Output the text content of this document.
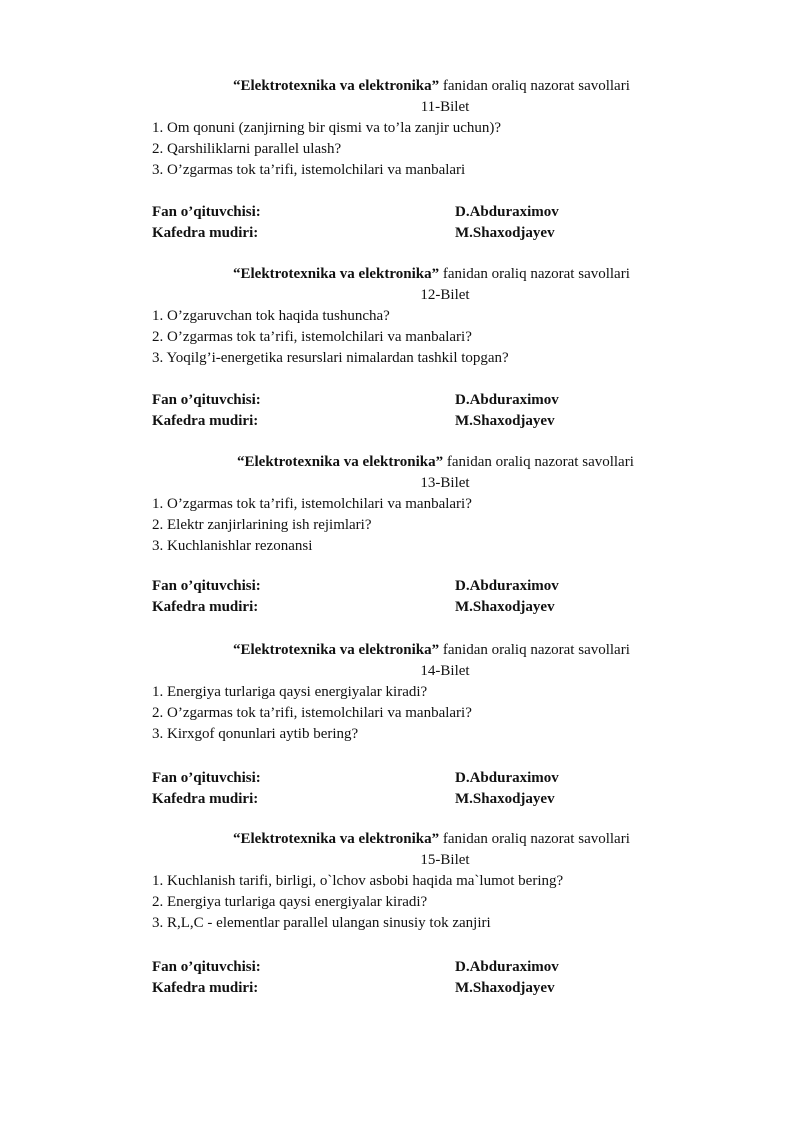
“Elektrotexnika va elektronika” fanidan oraliq nazorat savollari
11-Bilet
1. Om qonuni (zanjirning bir qismi va to’la zanjir uchun)?
2. Qarshiliklarni parallel ulash?
3. O’zgarmas tok ta’rifi, istemolchilari va manbalari
Fan o’qituvchisi:	D.Abduraximov
Kafedra mudiri:	M.Shaxodjayev
“Elektrotexnika va elektronika” fanidan oraliq nazorat savollari
12-Bilet
1. O’zgaruvchan tok haqida tushuncha?
2. O’zgarmas tok ta’rifi, istemolchilari va manbalari?
3. Yoqilg’i-energetika resurslari nimalardan tashkil topgan?
Fan o’qituvchisi:	D.Abduraximov
Kafedra mudiri:	M.Shaxodjayev
“Elektrotexnika va elektronika” fanidan oraliq nazorat savollari
13-Bilet
1. O’zgarmas tok ta’rifi, istemolchilari va manbalari?
2. Elektr zanjirlarining ish rejimlari?
3. Kuchlanishlar rezonansi
Fan o’qituvchisi:	D.Abduraximov
Kafedra mudiri:	M.Shaxodjayev
“Elektrotexnika va elektronika” fanidan oraliq nazorat savollari
14-Bilet
1. Energiya turlariga qaysi energiyalar kiradi?
2. O’zgarmas tok ta’rifi, istemolchilari va manbalari?
3. Kirxgof qonunlari aytib bering?
Fan o’qituvchisi:	D.Abduraximov
Kafedra mudiri:	M.Shaxodjayev
“Elektrotexnika va elektronika” fanidan oraliq nazorat savollari
15-Bilet
1. Kuchlanish tarifi, birligi, o`lchov asbobi haqida ma`lumot bering?
2. Energiya turlariga qaysi energiyalar kiradi?
3. R,L,C - elementlar parallel ulangan sinusiy tok zanjiri
Fan o’qituvchisi:	D.Abduraximov
Kafedra mudiri:	M.Shaxodjayev
